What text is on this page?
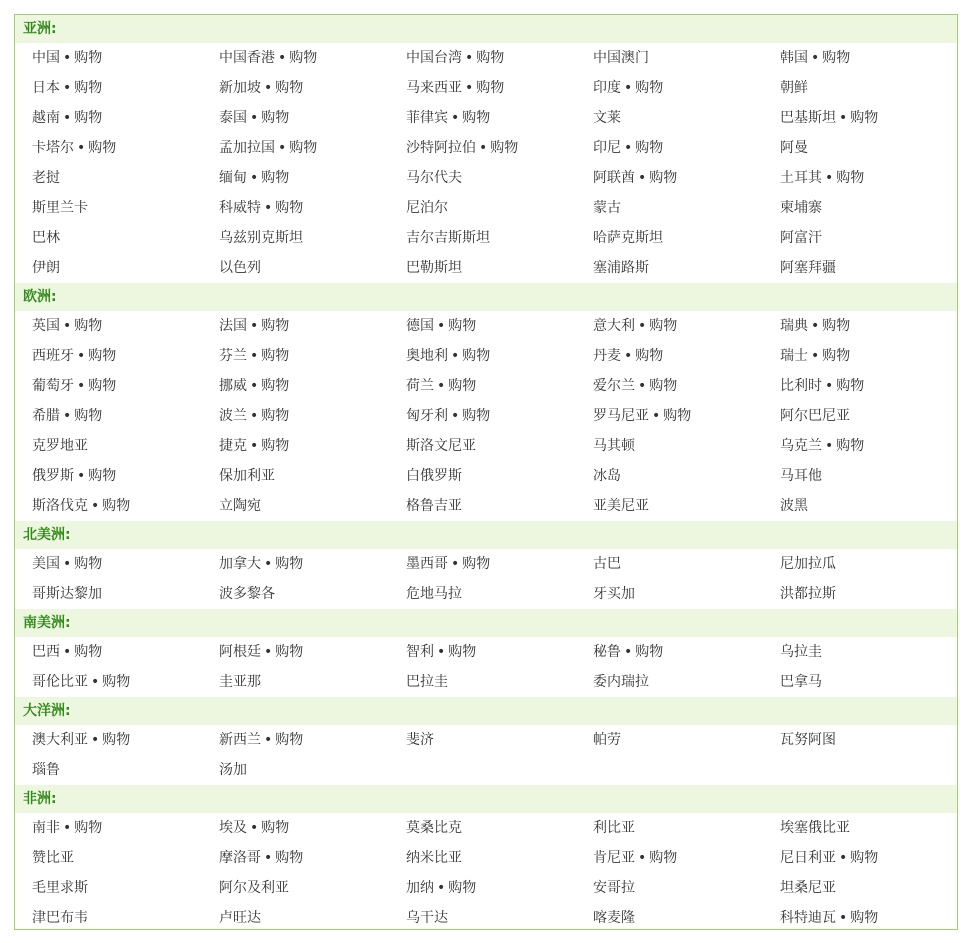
亚洲:
中国 • 购物	中国香港 • 购物	中国台湾 • 购物	中国澳门	韩国 • 购物
日本 • 购物	新加坡 • 购物	马来西亚 • 购物	印度 • 购物	朝鲜
越南 • 购物	泰国 • 购物	菲律宾 • 购物	文莱	巴基斯坦 • 购物
卡塔尔 • 购物	孟加拉国 • 购物	沙特阿拉伯 • 购物	印尼 • 购物	阿曼
老挝	缅甸 • 购物	马尔代夫	阿联酋 • 购物	土耳其 • 购物
斯里兰卡	科威特 • 购物	尼泊尔	蒙古	柬埔寨
巴林	乌兹别克斯坦	吉尔吉斯斯坦	哈萨克斯坦	阿富汗
伊朗	以色列	巴勒斯坦	塞浦路斯	阿塞拜疆
欧洲:
英国 • 购物	法国 • 购物	德国 • 购物	意大利 • 购物	瑞典 • 购物
西班牙 • 购物	芬兰 • 购物	奥地利 • 购物	丹麦 • 购物	瑞士 • 购物
葡萄牙 • 购物	挪威 • 购物	荷兰 • 购物	爱尔兰 • 购物	比利时 • 购物
希腊 • 购物	波兰 • 购物	匈牙利 • 购物	罗马尼亚 • 购物	阿尔巴尼亚
克罗地亚	捷克 • 购物	斯洛文尼亚	马其顿	乌克兰 • 购物
俄罗斯 • 购物	保加利亚	白俄罗斯	冰岛	马耳他
斯洛伐克 • 购物	立陶宛	格鲁吉亚	亚美尼亚	波黑
北美洲:
美国 • 购物	加拿大 • 购物	墨西哥 • 购物	古巴	尼加拉瓜
哥斯达黎加	波多黎各	危地马拉	牙买加	洪都拉斯
南美洲:
巴西 • 购物	阿根廷 • 购物	智利 • 购物	秘鲁 • 购物	乌拉圭
哥伦比亚 • 购物	圭亚那	巴拉圭	委内瑞拉	巴拿马
大洋洲:
澳大利亚 • 购物	新西兰 • 购物	斐济	帕劳	瓦努阿图
瑙鲁	汤加
非洲:
南非 • 购物	埃及 • 购物	莫桑比克	利比亚	埃塞俄比亚
赞比亚	摩洛哥 • 购物	纳米比亚	肯尼亚 • 购物	尼日利亚 • 购物
毛里求斯	阿尔及利亚	加纳 • 购物	安哥拉	坦桑尼亚
津巴布韦	卢旺达	乌干达	喀麦隆	科特迪瓦 • 购物
